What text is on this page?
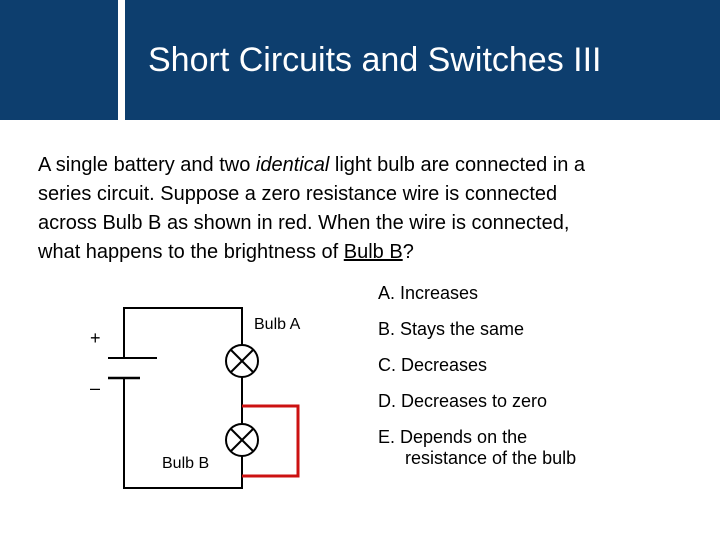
Short Circuits and Switches III
A single battery and two identical light bulb are connected in a
series circuit. Suppose a zero resistance wire is connected
across Bulb B as shown in red. When the wire is connected,
what happens to the brightness of Bulb B?
Bulb A
Bulb B
+
–
A. Increases
B. Stays the same
C. Decreases
D. Decreases to zero
E. Depends on the
resistance of the bulb
